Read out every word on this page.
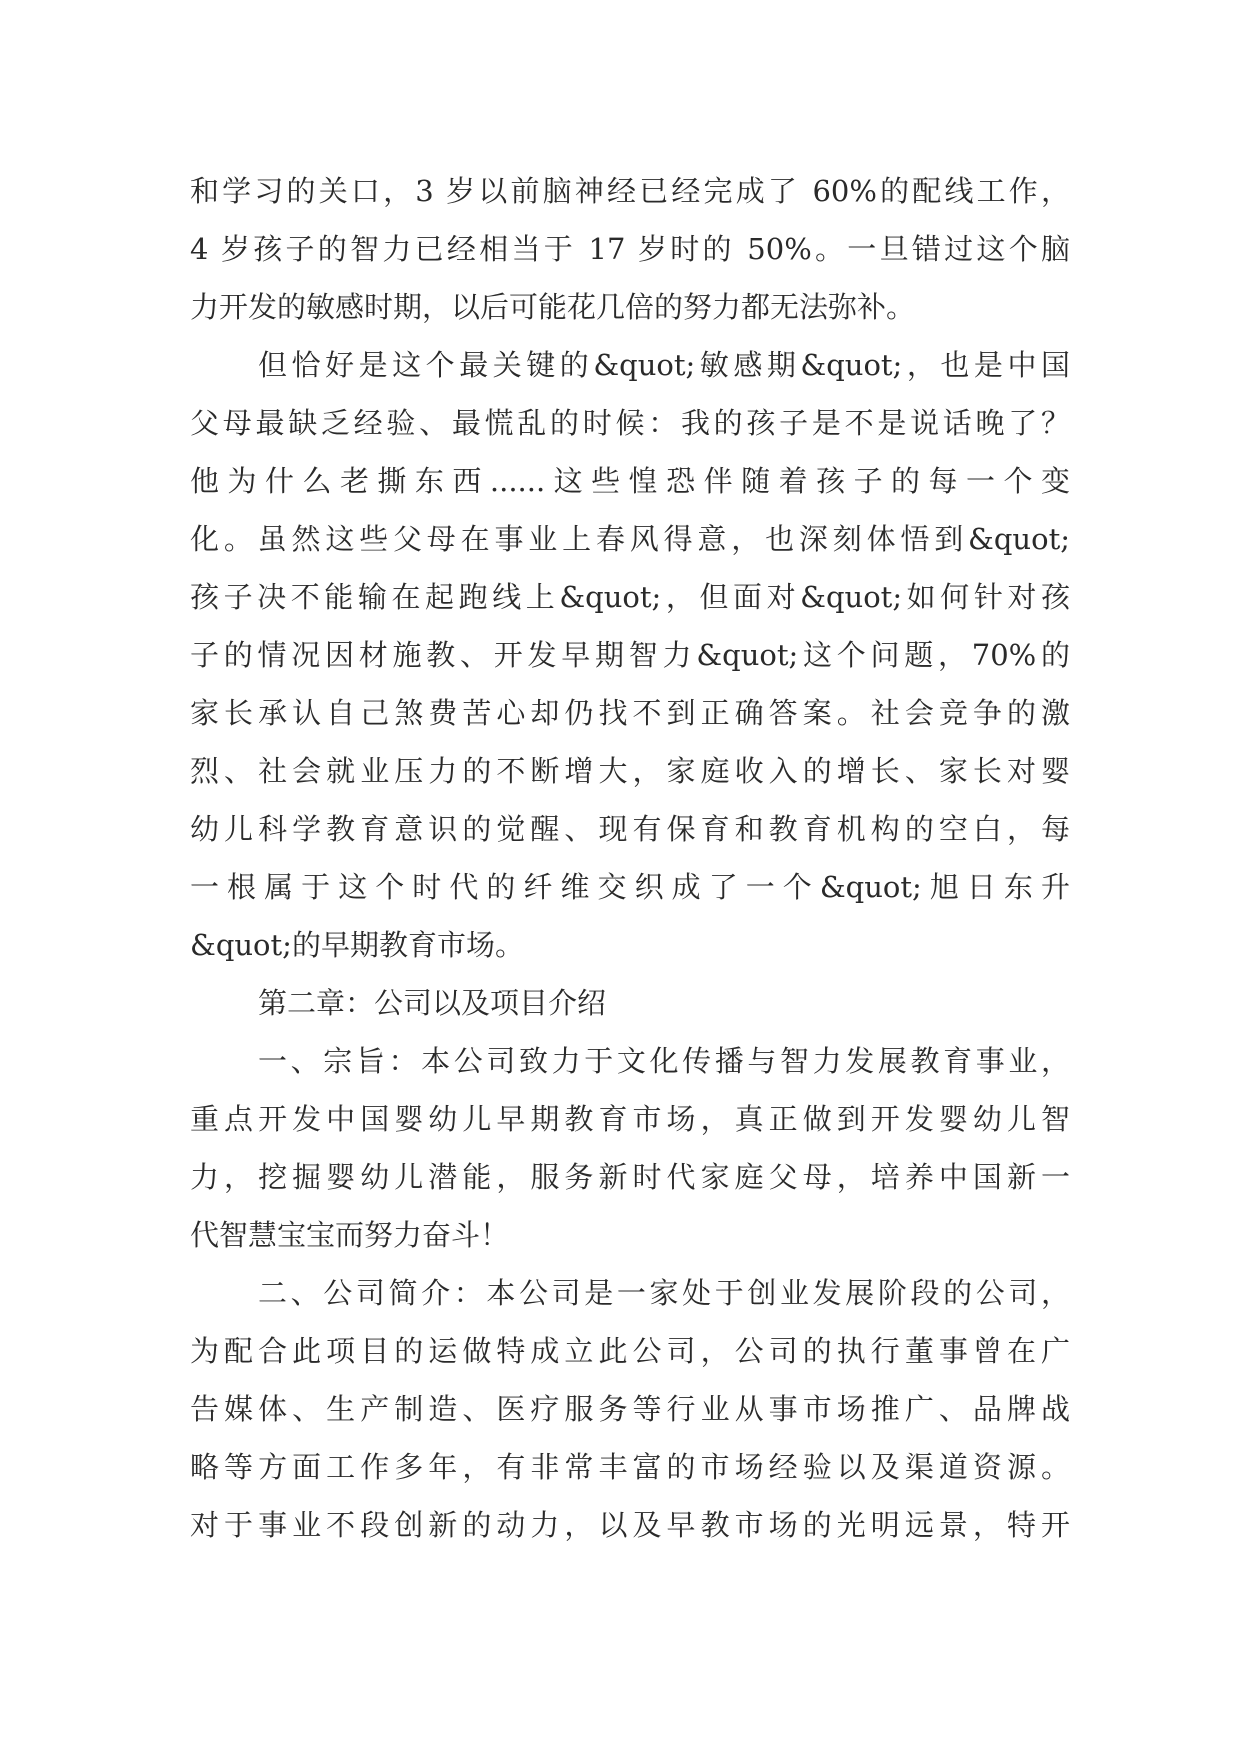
和学习的关口，3 岁以前脑神经已经完成了 60%的配线工作，
4 岁孩子的智力已经相当于 17 岁时的 50%。一旦错过这个脑
力开发的敏感时期，以后可能花几倍的努力都无法弥补。
但恰好是这个最关键的&quot;敏感期&quot;，也是中国
父母最缺乏经验、最慌乱的时候：我的孩子是不是说话晚了？
他为什么老撕东西......这些惶恐伴随着孩子的每一个变
化。虽然这些父母在事业上春风得意，也深刻体悟到&quot;
孩子决不能输在起跑线上&quot;，但面对&quot;如何针对孩
子的情况因材施教、开发早期智力&quot;这个问题，70%的
家长承认自己煞费苦心却仍找不到正确答案。社会竞争的激
烈、社会就业压力的不断增大，家庭收入的增长、家长对婴
幼儿科学教育意识的觉醒、现有保育和教育机构的空白，每
一根属于这个时代的纤维交织成了一个&quot;旭日东升
&quot;的早期教育市场。
第二章：公司以及项目介绍
一、宗旨：本公司致力于文化传播与智力发展教育事业，
重点开发中国婴幼儿早期教育市场，真正做到开发婴幼儿智
力，挖掘婴幼儿潜能，服务新时代家庭父母，培养中国新一
代智慧宝宝而努力奋斗！
二、公司简介：本公司是一家处于创业发展阶段的公司，
为配合此项目的运做特成立此公司，公司的执行董事曾在广
告媒体、生产制造、医疗服务等行业从事市场推广、品牌战
略等方面工作多年，有非常丰富的市场经验以及渠道资源。
对于事业不段创新的动力，以及早教市场的光明远景，特开
